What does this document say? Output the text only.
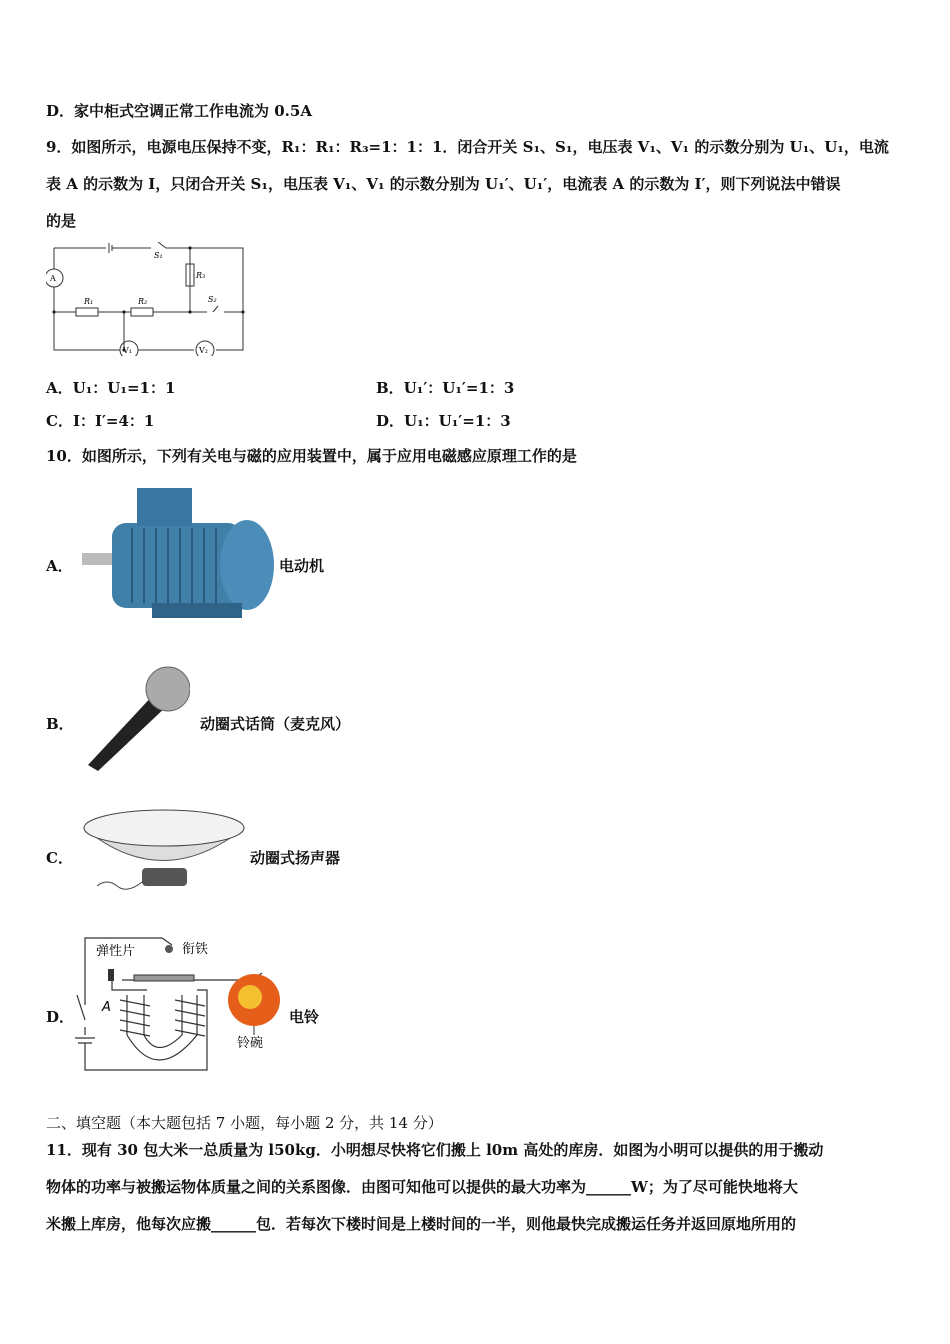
D．家中柜式空调正常工作电流为 0.5A
9．如图所示，电源电压保持不变，R₁：R₁：R₃=1：1：1．闭合开关 S₁、S₁，电压表 V₁、V₁ 的示数分别为 U₁、U₁，电流
表 A 的示数为 I，只闭合开关 S₁，电压表 V₁、V₁ 的示数分别为 U₁′、U₁′，电流表 A 的示数为 I′，则下列说法中错误
的是
A
R₁	R₂
R₃
S₁
S₂
V₁	V₂
A．U₁：U₁=1：1	B．U₁′：U₁′=1：3
C．I：I′=4：1	D．U₁：U₁′=1：3
10．如图所示，下列有关电与磁的应用装置中，属于应用电磁感应原理工作的是
A．	电动机
B．	动圈式话筒（麦克风）
C．	动圈式扬声器
D．
弹性片	衔铁
A
铃碗
电铃
二、填空题（本大题包括 7 小题，每小题 2 分，共 14 分）
11．现有 30 包大米一总质量为 l50kg．小明想尽快将它们搬上 l0m 高处的库房．如图为小明可以提供的用于搬动
物体的功率与被搬运物体质量之间的关系图像．由图可知他可以提供的最大功率为______W；为了尽可能快地将大
米搬上库房，他每次应搬______包．若每次下楼时间是上楼时间的一半，则他最快完成搬运任务并返回原地所用的
